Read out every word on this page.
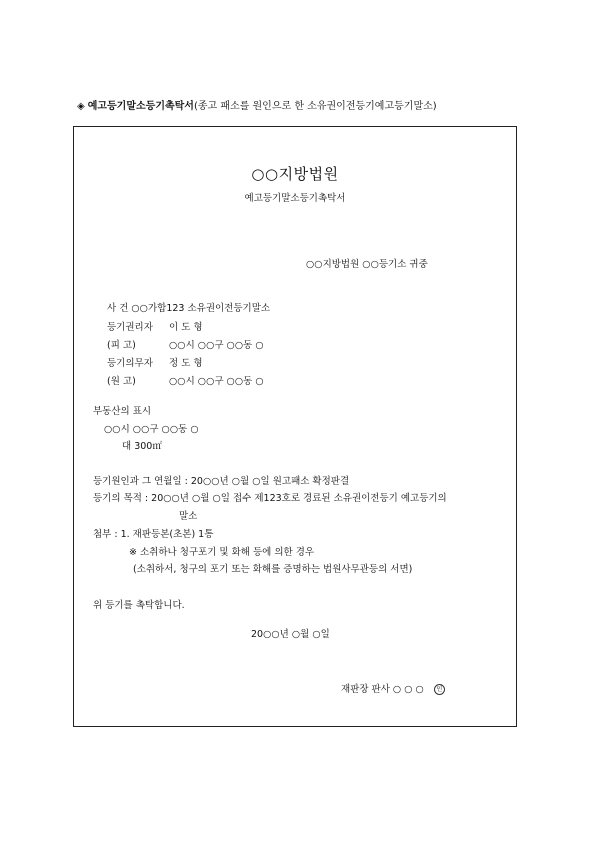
◈ 예고등기말소등기촉탁서(종고 패소를 원인으로 한 소유권이전등기예고등기말소)
○○지방법원
예고등기말소등기촉탁서
○○지방법원 ○○등기소 귀중
사 건 ○○가합123 소유권이전등기말소
등기권리자 이 도 형
(피 고)	○○시 ○○구 ○○동 ○
등기의무자 정 도 형
(원 고)	○○시 ○○구 ○○동 ○
부동산의 표시
○○시 ○○구 ○○동 ○
대 300㎡
등기원인과 그 연월일 : 20○○년 ○월 ○일 원고패소 확정판결
등기의 목적 : 20○○년 ○월 ○일 접수 제123호로 경료된 소유권이전등기 예고등기의
말소
첨부 : 1. 재판등본(초본) 1통
※ 소취하나 청구포기 및 화해 등에 의한 경우
(소취하서, 청구의 포기 또는 화해를 증명하는 법원사무관등의 서면)
위 등기를 촉탁합니다.
20○○년 ○월 ○일
재판장 판사 ○ ○ ○ 인
